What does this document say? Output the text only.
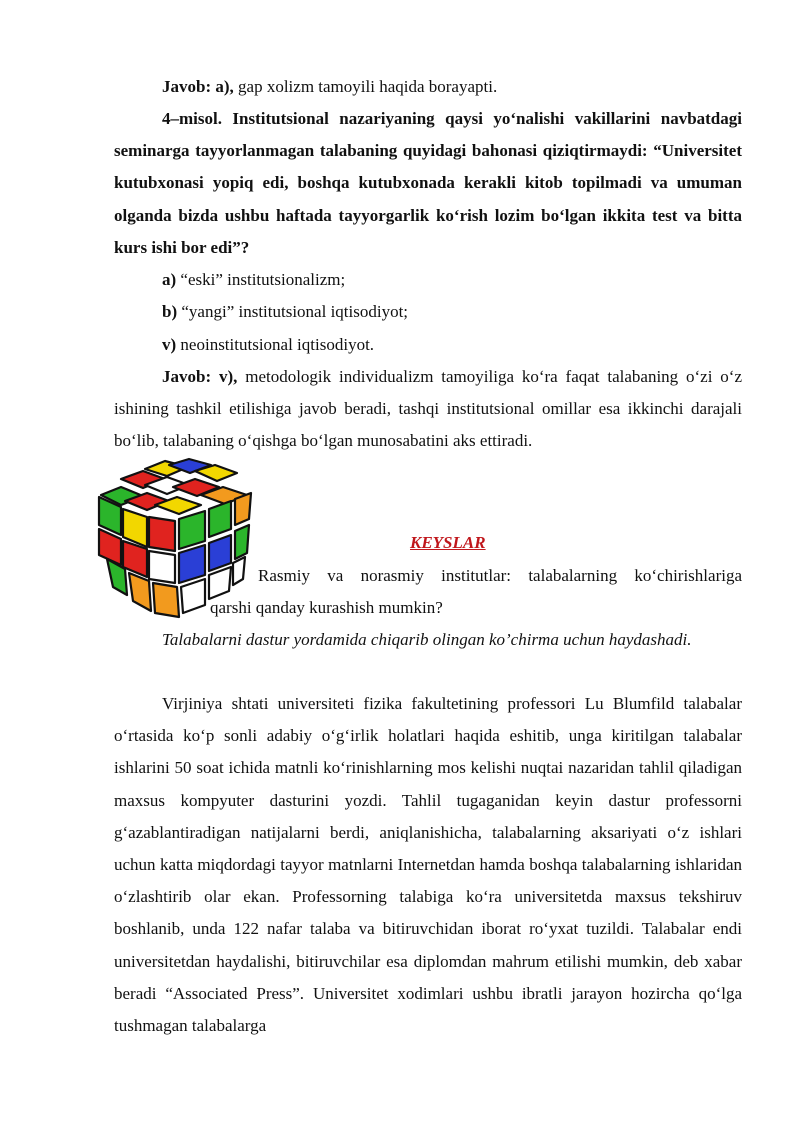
Javob: a), gap xolizm tamoyili haqida borayapti.

4–misol. Institutsional nazariyaning qaysi yo‘nalishi vakillarini navbatdagi seminarga tayyorlanmagan talabaning quyidagi bahonasi qiziqtirmaydi: “Universitet kutubxonasi yopiq edi, boshqa kutubxonada kerakli kitob topilmadi va umuman olganda bizda ushbu haftada tayyorgarlik ko‘rish lozim bo‘lgan ikkita test va bitta kurs ishi bor edi”?

a) “eski” institutsionalizm;

b) “yangi” institutsional iqtisodiyot;

v) neoinstitutsional iqtisodiyot.

Javob: v), metodologik individualizm tamoyiliga ko‘ra faqat talabaning o‘zi o‘z ishining tashkil etilishiga javob beradi, tashqi institutsional omillar esa ikkinchi darajali bo‘lib, talabaning o‘qishga bo‘lgan munosabatini aks ettiradi.

KEYSLAR

Rasmiy va norasmiy institutlar: talabalarning ko‘chirishlariga

qarshi qanday kurashish mumkin?

Talabalarni dastur yordamida chiqarib olingan ko’chirma uchun haydashadi.

Virjiniya shtati universiteti fizika fakultetining professori Lu Blumfild talabalar o‘rtasida ko‘p sonli adabiy o‘g‘irlik holatlari haqida eshitib, unga kiritilgan talabalar ishlarini 50 soat ichida matnli ko‘rinishlarning mos kelishi nuqtai nazaridan tahlil qiladigan maxsus kompyuter dasturini yozdi. Tahlil tugaganidan keyin dastur professorni g‘azablantiradigan natijalarni berdi, aniqlanishicha, talabalarning aksariyati o‘z ishlari uchun katta miqdordagi tayyor matnlarni Internetdan hamda boshqa talabalarning ishlaridan o‘zlashtirib olar ekan. Professorning talabiga ko‘ra universitetda maxsus tekshiruv boshlanib, unda 122 nafar talaba va bitiruvchidan iborat ro‘yxat tuzildi. Talabalar endi universitetdan haydalishi, bitiruvchilar esa diplomdan mahrum etilishi mumkin, deb xabar beradi “Associated Press”. Universitet xodimlari ushbu ibratli jarayon hozircha qo‘lga tushmagan talabalarga
